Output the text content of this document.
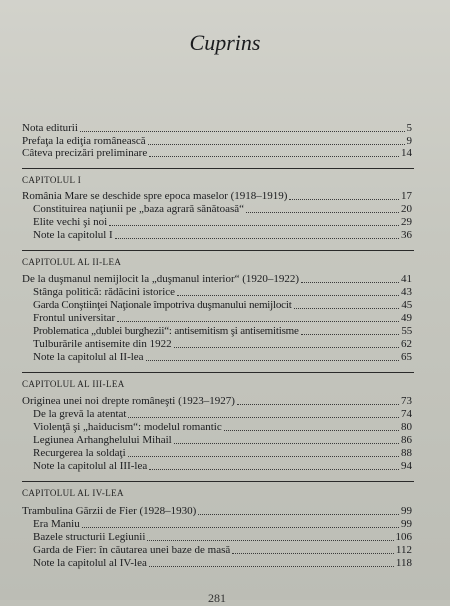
Cuprins
Nota editurii	5
Prefaţa la ediţia românească	9
Câteva precizări preliminare	14
CAPITOLUL I
România Mare se deschide spre epoca maselor (1918–1919)	17
Constituirea naţiunii pe „baza agrară sănătoasă“	20
Elite vechi şi noi	29
Note la capitolul I	36
CAPITOLUL AL II-LEA
De la duşmanul nemijlocit la „duşmanul interior“ (1920–1922)	41
Stânga politică: rădăcini istorice	43
Garda Conştiinţei Naţionale împotriva duşmanului nemijlocit	45
Frontul universitar	49
Problematica „dublei burghezii“: antisemitism şi antisemitisme	55
Tulburările antisemite din 1922	62
Note la capitolul al II-lea	65
CAPITOLUL AL III-LEA
Originea unei noi drepte româneşti (1923–1927)	73
De la grevă la atentat	74
Violenţă şi „haiducism“: modelul romantic	80
Legiunea Arhanghelului Mihail	86
Recurgerea la soldaţi	88
Note la capitolul al III-lea	94
CAPITOLUL AL IV-LEA
Trambulina Gărzii de Fier (1928–1930)	99
Era Maniu	99
Bazele structurii Legiunii	106
Garda de Fier: în căutarea unei baze de masă	112
Note la capitolul al IV-lea	118
281
